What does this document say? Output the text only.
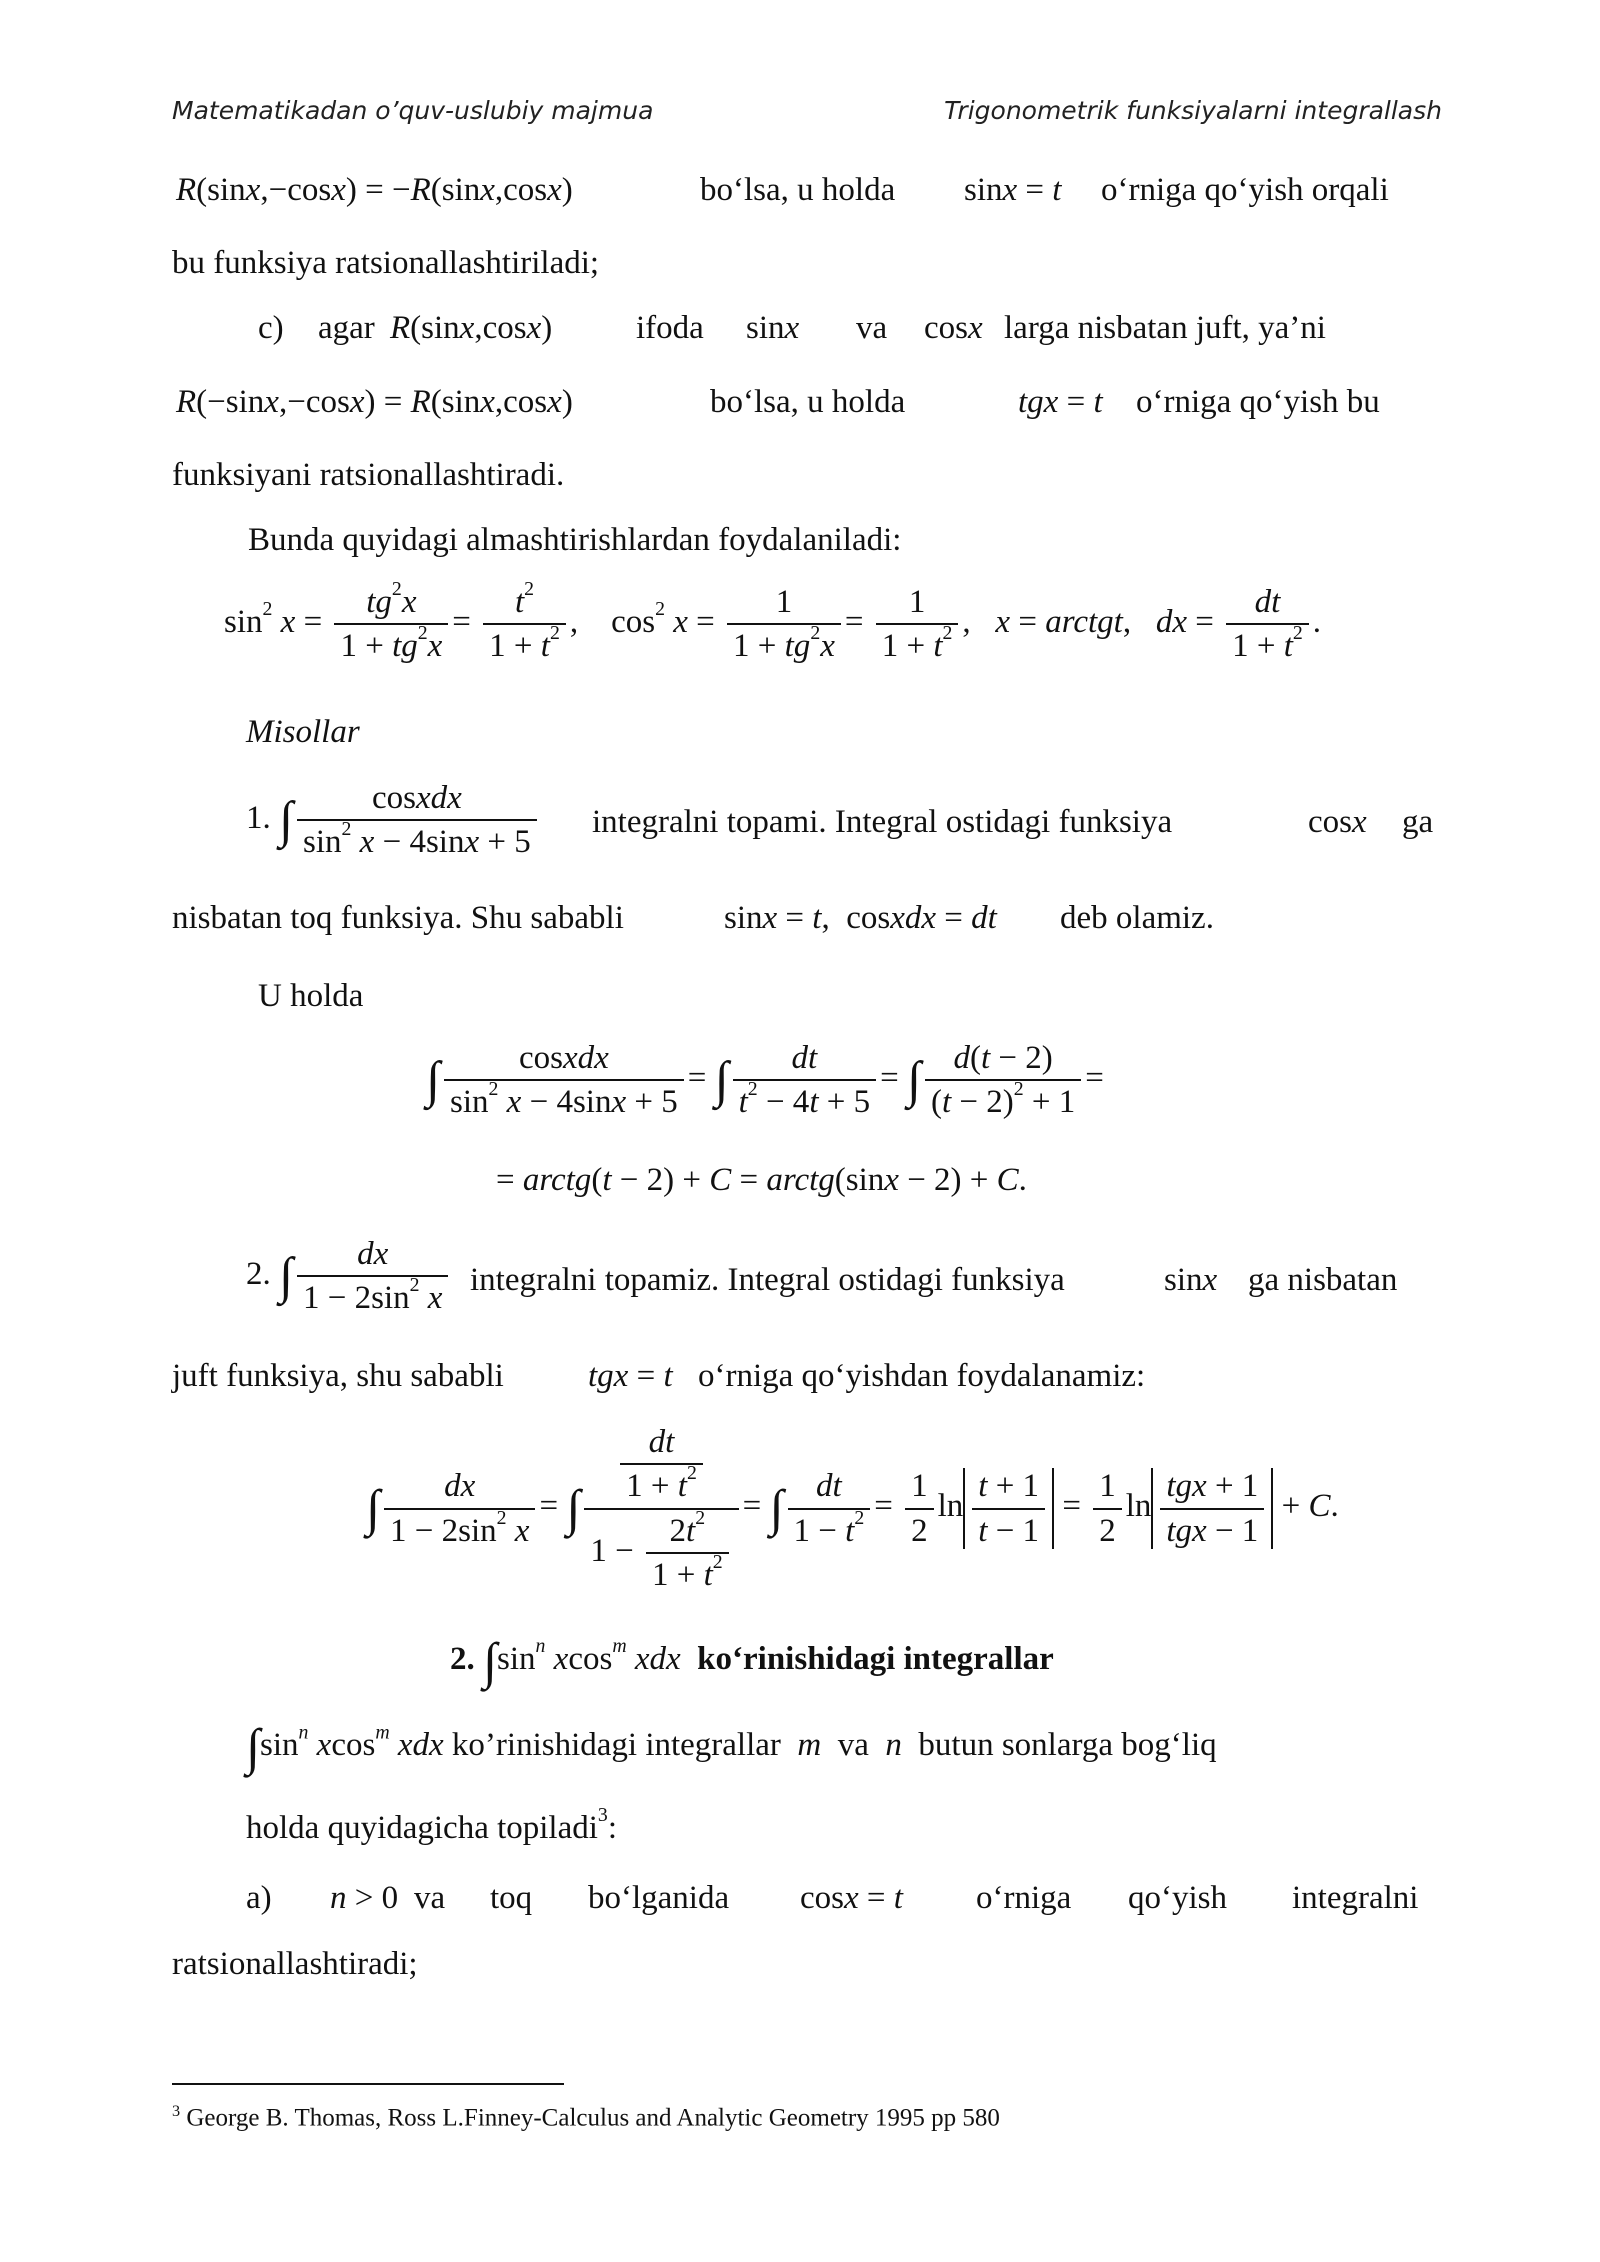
Matematikadan o’quv-uslubiy majmua	Trigonometrik funksiyalarni integrallash
R(sinx,−cosx) = −R(sinx,cosx)	bo‘lsa, u holda sinx = t o‘rniga qo‘yish orqali
bu funksiya ratsionallashtiriladi;
c) agar R(sinx,cosx)	ifoda sinx va cosx larga nisbatan juft, ya’ni
R(−sinx,−cosx) = R(sinx,cosx)	bo‘lsa, u holda	tgx = t o‘rniga qo‘yish bu
funksiyani ratsionallashtiradi.
Bunda quyidagi almashtirishlardan foydalaniladi:
$\sin^2 x = \frac{tg^2x}{1 + tg^2x} = \frac{t^2}{1 + t^2}$ ,    $\cos^2 x = \frac{1}{1 + tg^2x} = \frac{1}{1 + t^2}$ ,   x = arctgt,   dx = $\frac{dt}{1 + t^2}$ .
Misollar
1. ∫ $\frac{\text{cosxdx}}{\sin^2 x - 4\sin x + 5}$ integralni topami. Integral ostidagi funksiya	cosx ga
nisbatan toq funksiya. Shu sababli	sinx = t,  cosxdx = dt deb olamiz.
U holda
∫ $\frac{\text{cosxdx}}{\sin^2 x - 4\sin x + 5}$ = ∫ $\frac{dt}{t^2 - 4t + 5}$ = ∫ $\frac{d(t - 2)}{(t - 2)^2 + 1}$ =
= arctg(t − 2) + C = arctg(sinx − 2) + C.
2. ∫ $\frac{dx}{1 - 2\sin^2 x}$ integralni topamiz. Integral ostidagi funksiya	sinx ga nisbatan
juft funksiya, shu sababli	tgx = t o‘rniga qo‘yishdan foydalanamiz:
∫ $\frac{dx}{1 - 2\sin^2 x}$ = ∫ $\frac{\frac{dt}{1 + t^2}}{1 - \frac{2t^2}{1 + t^2}}$ = ∫ $\frac{dt}{1 - t^2} = \frac{1}{2}$ $\ln \frac{t + 1}{t - 1} = \frac{1}{2}$ $\ln \frac{\text{tgx + 1}}{\text{tgx − 1}} + C$.
2. $\int\sin^n$ xcos$^m$ xdx ko‘rinishidagi integrallar
$\int\sin^n$ xcos$^m$ xdx ko’rinishidagi integrallar m va n butun sonlarga bog‘liq
holda quyidagicha topiladi$^3$:
a) n > 0 va toq bo‘lganida cosx = t o‘rniga qo‘yish integralni
ratsionallashtiradi;
$^3$ George B. Thomas, Ross L.Finney-Calculus and Analytic Geometry 1995 pp 580
